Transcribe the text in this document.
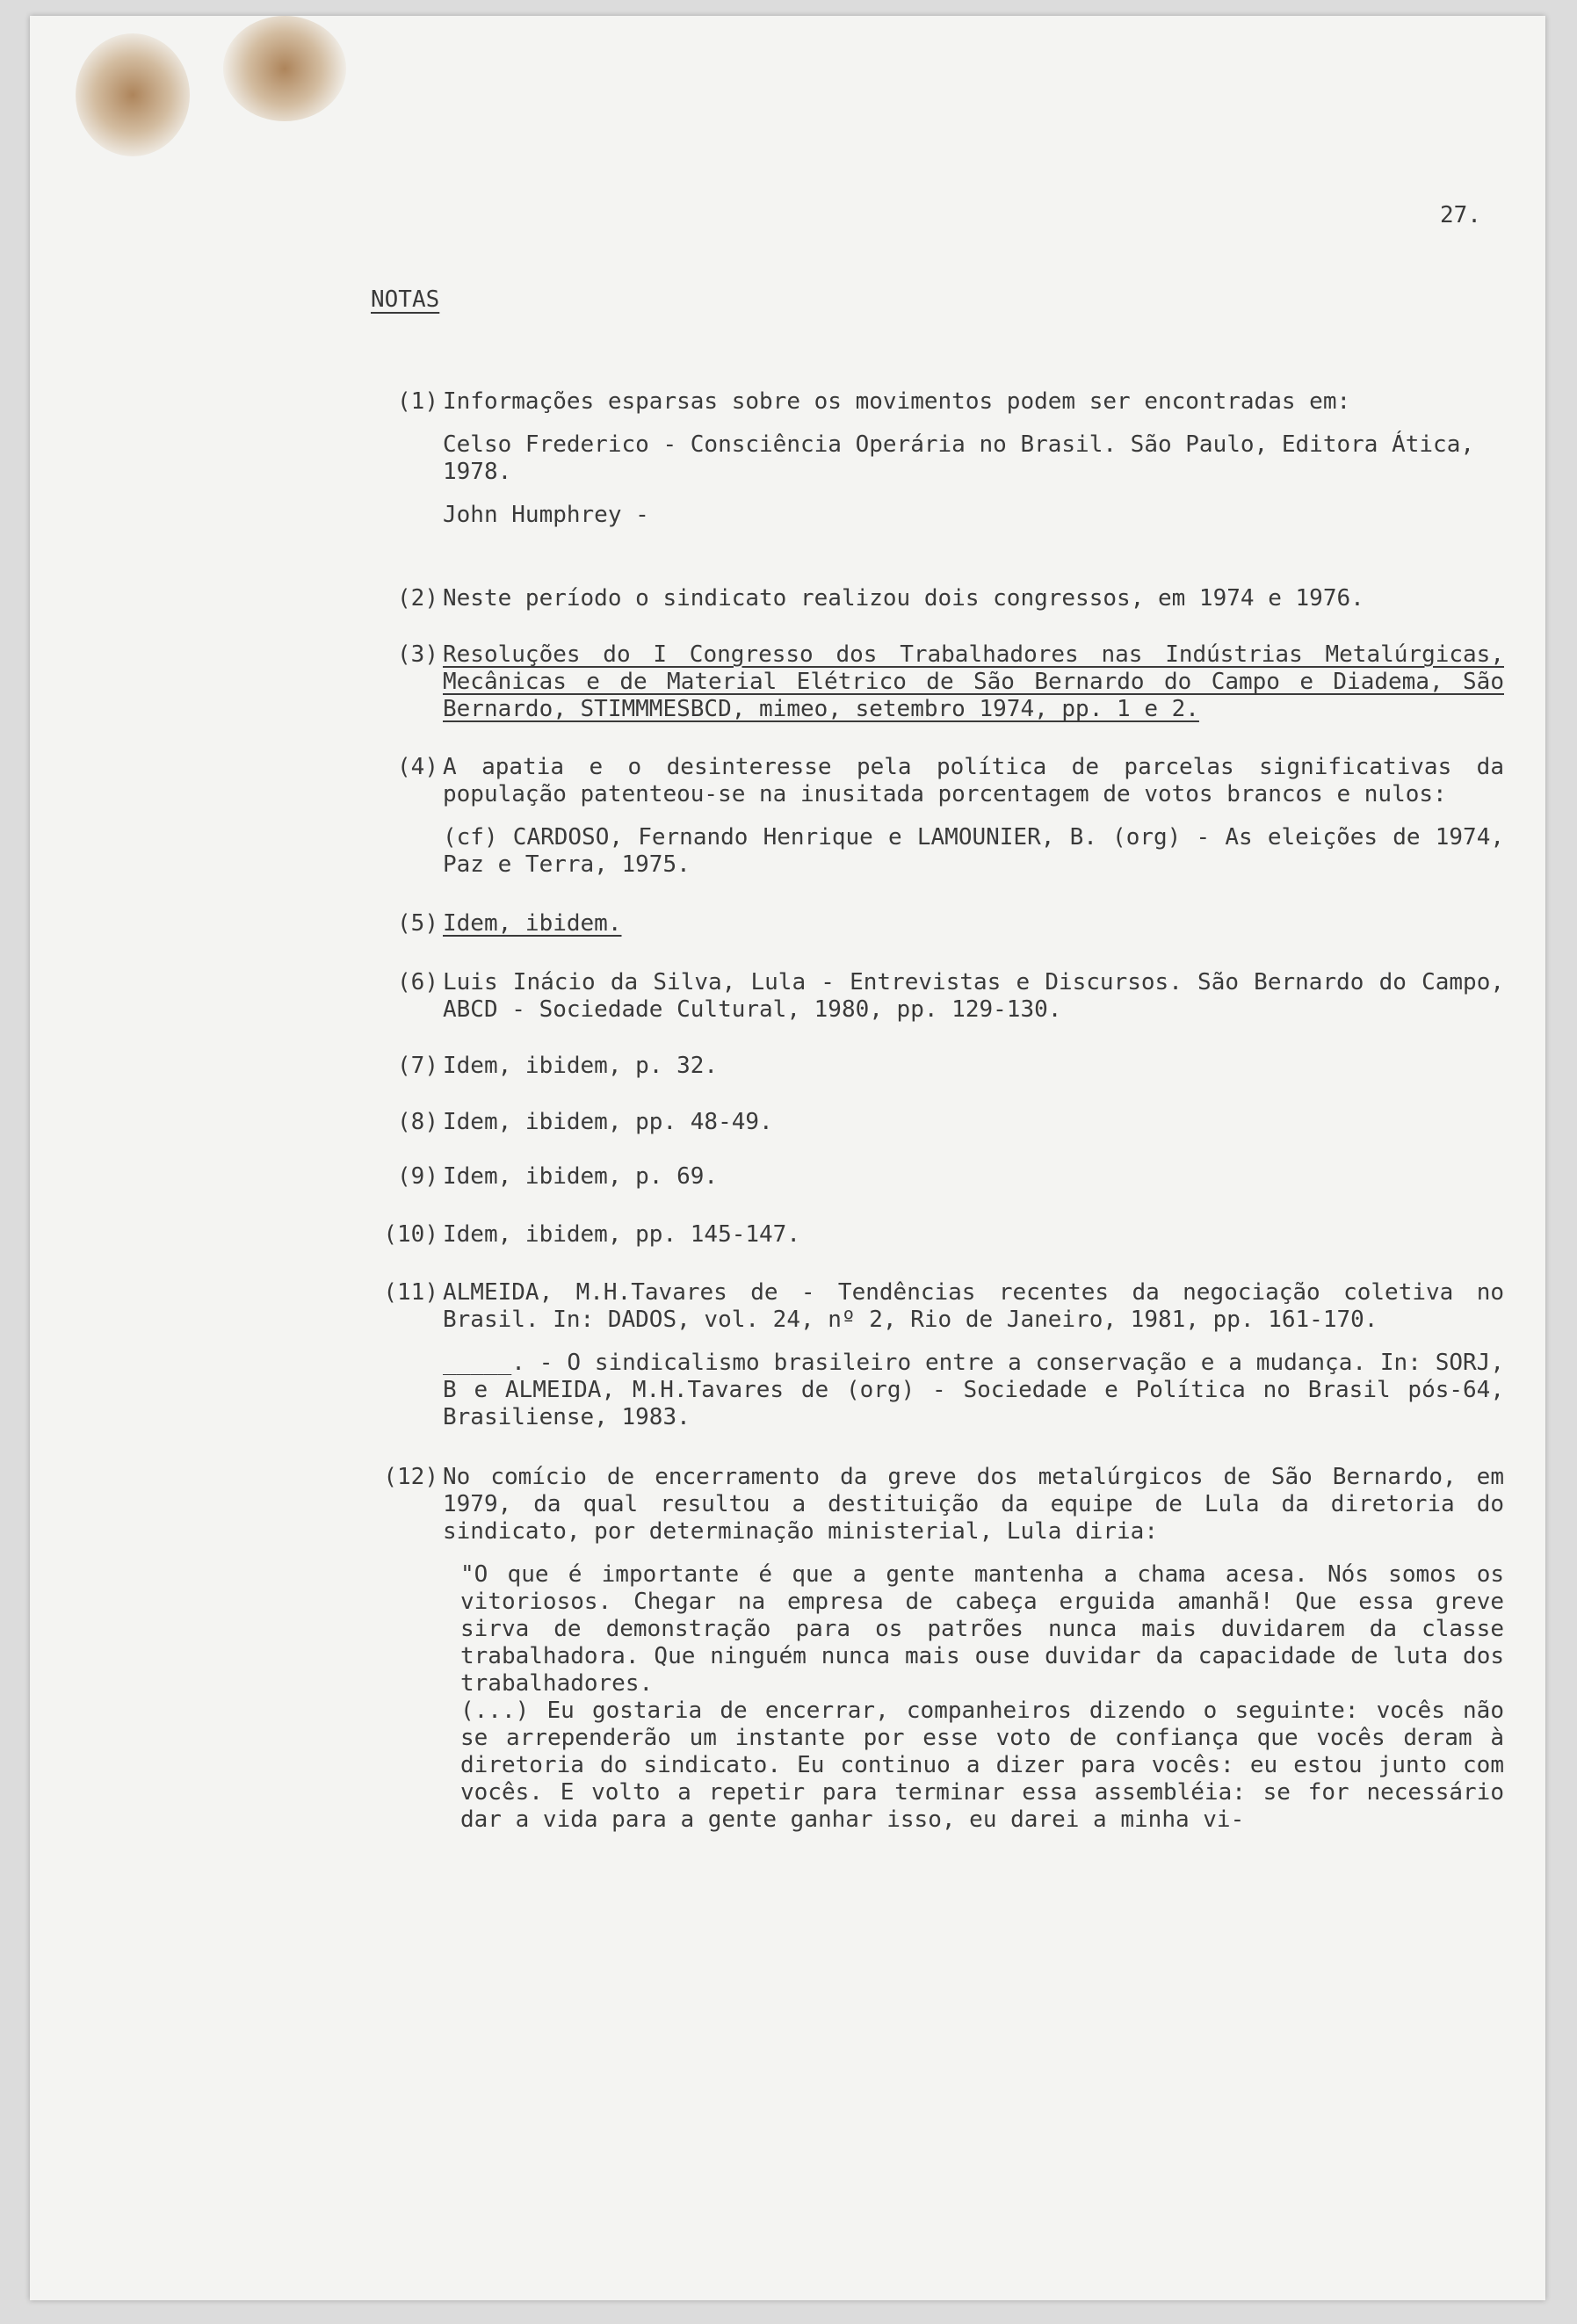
27.
NOTAS
(1) Informações esparsas sobre os movimentos podem ser encontradas em:

Celso Frederico - Consciência Operária no Brasil. São Paulo, Editora Ática, 1978.

John Humphrey -

(2) Neste período o sindicato realizou dois congressos, em 1974 e 1976.

(3) Resoluções do I Congresso dos Trabalhadores nas Indústrias Metalúrgicas, Mecânicas e de Material Elétrico de São Bernardo do Campo e Diadema, São Bernardo, STIMMMESBCD, mimeo, setembro 1974, pp. 1 e 2.

(4) A apatia e o desinteresse pela política de parcelas significativas da população patenteou-se na inusitada porcentagem de votos brancos e nulos:

(cf) CARDOSO, Fernando Henrique e LAMOUNIER, B. (org) - As eleições de 1974, Paz e Terra, 1975.

(5) Idem, ibidem.

(6) Luis Inácio da Silva, Lula - Entrevistas e Discursos. São Bernardo do Campo, ABCD - Sociedade Cultural, 1980, pp. 129-130.

(7) Idem, ibidem, p. 32.

(8) Idem, ibidem, pp. 48-49.

(9) Idem, ibidem, p. 69.

(10) Idem, ibidem, pp. 145-147.

(11) ALMEIDA, M.H.Tavares de - Tendências recentes da negociação coletiva no Brasil. In: DADOS, vol. 24, nº 2, Rio de Janeiro, 1981, pp. 161-170.

_____. - O sindicalismo brasileiro entre a conservação e a mudança. In: SORJ, B e ALMEIDA, M.H.Tavares de (org) - Sociedade e Política no Brasil pós-64, Brasiliense, 1983.

(12) No comício de encerramento da greve dos metalúrgicos de São Bernardo, em 1979, da qual resultou a destituição da equipe de Lula da diretoria do sindicato, por determinação ministerial, Lula diria:

"O que é importante é que a gente mantenha a chama acesa. Nós somos os vitoriosos. Chegar na empresa de cabeça erguida amanhã! Que essa greve sirva de demonstração para os patrões nunca mais duvidarem da classe trabalhadora. Que ninguém nunca mais ouse duvidar da capacidade de luta dos trabalhadores.

(...) Eu gostaria de encerrar, companheiros dizendo o seguinte: vocês não se arrependerão um instante por esse voto de confiança que vocês deram à diretoria do sindicato. Eu continuo a dizer para vocês: eu estou junto com vocês. E volto a repetir para terminar essa assembléia: se for necessário dar a vida para a gente ganhar isso, eu darei a minha vi-
